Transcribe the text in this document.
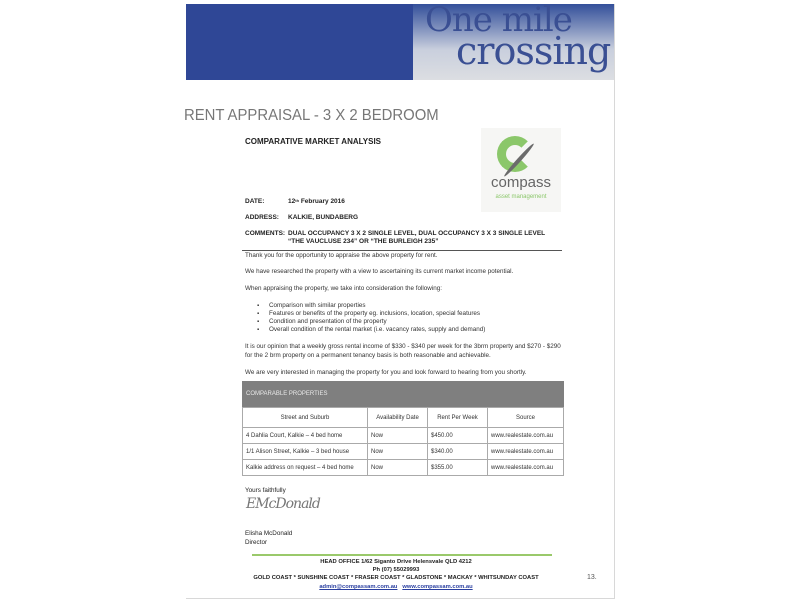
One mile
crossing
RENT APPRAISAL - 3 X 2 BEDROOM
COMPARATIVE MARKET ANALYSIS
compass
asset management
DATE:	12th February 2016
ADDRESS: KALKIE, BUNDABERG
COMMENTS: DUAL OCCUPANCY 3 X 2 SINGLE LEVEL, DUAL OCCUPANCY 3 X 3 SINGLE LEVEL
“THE VAUCLUSE 234” OR “THE BURLEIGH 235”
Thank you for the opportunity to appraise the above property for rent.
We have researched the property with a view to ascertaining its current market income potential.
When appraising the property, we take into consideration the following:
▪ Comparison with similar properties
▪ Features or benefits of the property eg. inclusions, location, special features
▪ Condition and presentation of the property
▪ Overall condition of the rental market (i.e. vacancy rates, supply and demand)
It is our opinion that a weekly gross rental income of $330 - $340 per week for the 3brm property and $270 - $290 for the 2 brm property on a permanent tenancy basis is both reasonable and achievable.
We are very interested in managing the property for you and look forward to hearing from you shortly.
COMPARABLE PROPERTIES
Street and Suburb	Availability Date	Rent Per Week	Source
4 Dahlia Court, Kalkie – 4 bed home	Now	$450.00	www.realestate.com.au
1/1 Alison Street, Kalkie – 3 bed house	Now	$340.00	www.realestate.com.au
Kalkie address on request – 4 bed home	Now	$355.00	www.realestate.com.au
Yours faithfully
EMcDonald
Elisha McDonald
Director
HEAD OFFICE 1/62 Siganto Drive Helensvale QLD 4212
Ph (07) 55029993
GOLD COAST * SUNSHINE COAST * FRASER COAST * GLADSTONE * MACKAY * WHITSUNDAY COAST
admin@compassam.com.au www.compassam.com.au
13.
